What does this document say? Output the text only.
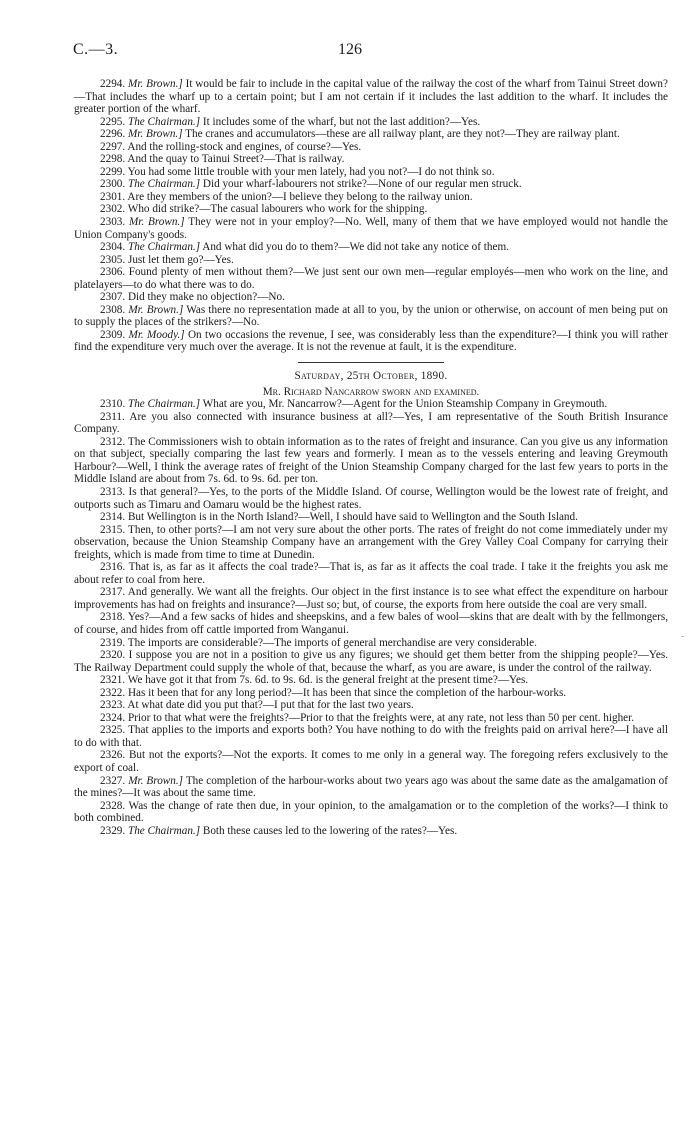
C.—3.	126

2294. Mr. Brown.] It would be fair to include in the capital value of the railway the cost of the wharf from Tainui Street down?—That includes the wharf up to a certain point; but I am not certain if it includes the last addition to the wharf. It includes the greater portion of the wharf.

2295. The Chairman.] It includes some of the wharf, but not the last addition?—Yes.

2296. Mr. Brown.] The cranes and accumulators—these are all railway plant, are they not?—They are railway plant.

2297. And the rolling-stock and engines, of course?—Yes.

2298. And the quay to Tainui Street?—That is railway.

2299. You had some little trouble with your men lately, had you not?—I do not think so.

2300. The Chairman.] Did your wharf-labourers not strike?—None of our regular men struck.

2301. Are they members of the union?—I believe they belong to the railway union.

2302. Who did strike?—The casual labourers who work for the shipping.

2303. Mr. Brown.] They were not in your employ?—No. Well, many of them that we have employed would not handle the Union Company's goods.

2304. The Chairman.] And what did you do to them?—We did not take any notice of them.

2305. Just let them go?—Yes.

2306. Found plenty of men without them?—We just sent our own men—regular employés—men who work on the line, and platelayers—to do what there was to do.

2307. Did they make no objection?—No.

2308. Mr. Brown.] Was there no representation made at all to you, by the union or otherwise, on account of men being put on to supply the places of the strikers?—No.

2309. Mr. Moody.] On two occasions the revenue, I see, was considerably less than the expenditure?—I think you will rather find the expenditure very much over the average. It is not the revenue at fault, it is the expenditure.

Saturday, 25th October, 1890.

Mr. Richard Nancarrow sworn and examined.

2310. The Chairman.] What are you, Mr. Nancarrow?—Agent for the Union Steamship Company in Greymouth.

2311. Are you also connected with insurance business at all?—Yes, I am representative of the South British Insurance Company.

2312. The Commissioners wish to obtain information as to the rates of freight and insurance. Can you give us any information on that subject, specially comparing the last few years and formerly. I mean as to the vessels entering and leaving Greymouth Harbour?—Well, I think the average rates of freight of the Union Steamship Company charged for the last few years to ports in the Middle Island are about from 7s. 6d. to 9s. 6d. per ton.

2313. Is that general?—Yes, to the ports of the Middle Island. Of course, Wellington would be the lowest rate of freight, and outports such as Timaru and Oamaru would be the highest rates.

2314. But Wellington is in the North Island?—Well, I should have said to Wellington and the South Island.

2315. Then, to other ports?—I am not very sure about the other ports. The rates of freight do not come immediately under my observation, because the Union Steamship Company have an arrangement with the Grey Valley Coal Company for carrying their freights, which is made from time to time at Dunedin.

2316. That is, as far as it affects the coal trade?—That is, as far as it affects the coal trade. I take it the freights you ask me about refer to coal from here.

2317. And generally. We want all the freights. Our object in the first instance is to see what effect the expenditure on harbour improvements has had on freights and insurance?—Just so; but, of course, the exports from here outside the coal are very small.

2318. Yes?—And a few sacks of hides and sheepskins, and a few bales of wool—skins that are dealt with by the fellmongers, of course, and hides from off cattle imported from Wanganui.

2319. The imports are considerable?—The imports of general merchandise are very considerable.

2320. I suppose you are not in a position to give us any figures; we should get them better from the shipping people?—Yes. The Railway Department could supply the whole of that, because the wharf, as you are aware, is under the control of the railway.

2321. We have got it that from 7s. 6d. to 9s. 6d. is the general freight at the present time?—Yes.

2322. Has it been that for any long period?—It has been that since the completion of the harbour-works.

2323. At what date did you put that?—I put that for the last two years.

2324. Prior to that what were the freights?—Prior to that the freights were, at any rate, not less than 50 per cent. higher.

2325. That applies to the imports and exports both? You have nothing to do with the freights paid on arrival here?—I have all to do with that.

2326. But not the exports?—Not the exports. It comes to me only in a general way. The foregoing refers exclusively to the export of coal.

2327. Mr. Brown.] The completion of the harbour-works about two years ago was about the same date as the amalgamation of the mines?—It was about the same time.

2328. Was the change of rate then due, in your opinion, to the amalgamation or to the completion of the works?—I think to both combined.

2329. The Chairman.] Both these causes led to the lowering of the rates?—Yes.
